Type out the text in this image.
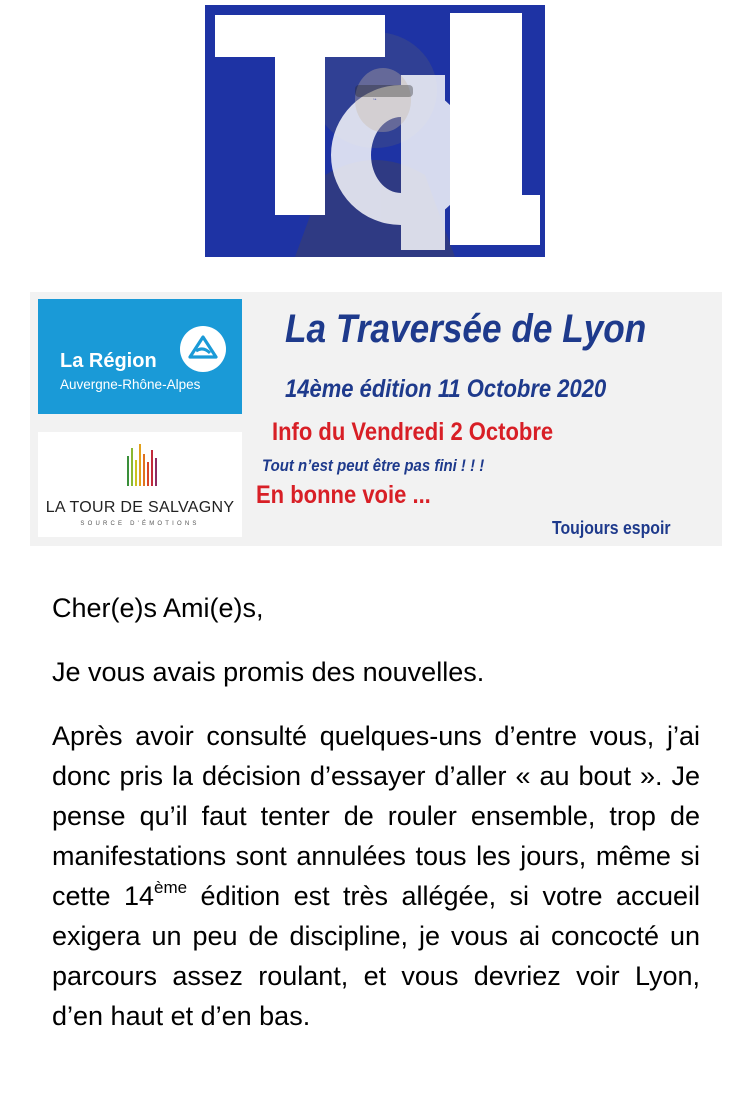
TdL
La Région
Auvergne-Rhône-Alpes
LA TOUR DE SALVAGNY
SOURCE D'ÉMOTIONS
La Traversée de Lyon
14ème édition 11 Octobre 2020
Info du Vendredi 2 Octobre
Tout n’est peut être pas fini ! ! !
En bonne voie ...
Toujours espoir

Cher(e)s Ami(e)s,

Je vous avais promis des nouvelles.

Après avoir consulté quelques-uns d’entre vous, j’ai donc pris la décision d’essayer d’aller « au bout ». Je pense qu’il faut tenter de rouler ensemble, trop de manifestations sont annulées tous les jours, même si cette 14ème édition est très allégée, si votre accueil exigera un peu de discipline, je vous ai concocté un parcours assez roulant, et vous devriez voir Lyon, d’en haut et d’en bas.
